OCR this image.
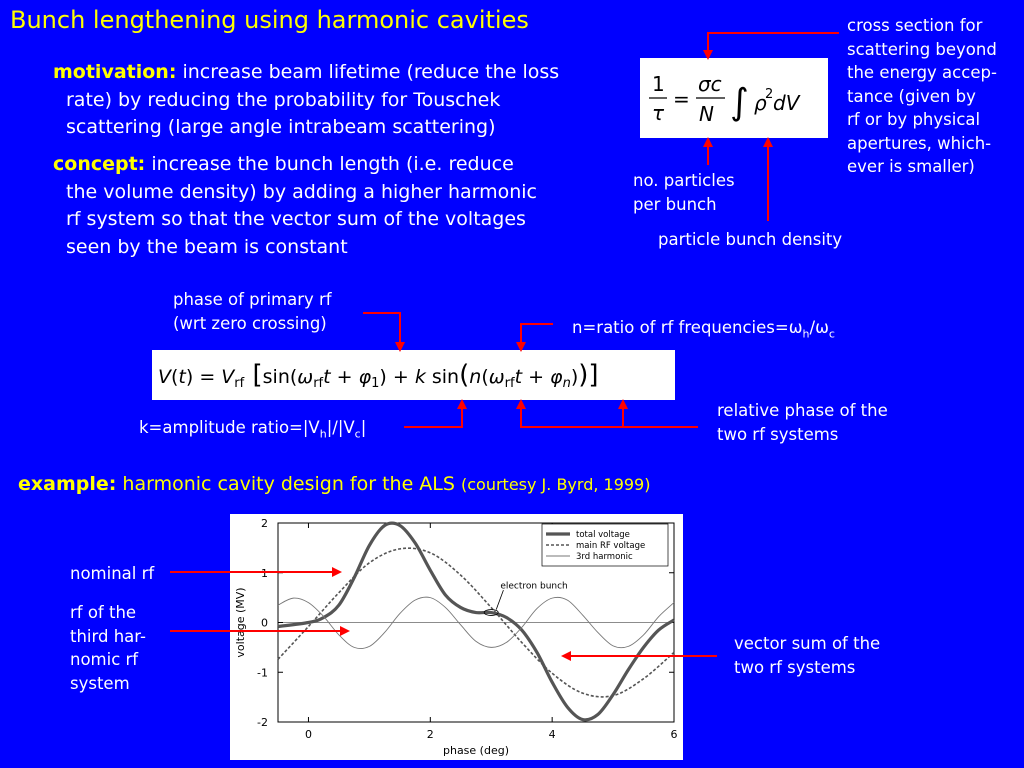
Bunch lengthening using harmonic cavities
motivation: increase beam lifetime (reduce the loss
rate) by reducing the probability for Touschek
scattering (large angle intrabeam scattering)
concept: increase the bunch length (i.e. reduce
the volume density) by adding a higher harmonic
rf system so that the vector sum of the voltages
seen by the beam is constant
1
τ
=
σc
N ∫ ρ
2 dV
cross section for
scattering beyond
the energy accep-
tance (given by
rf or by physical
apertures, which-
ever is smaller)
no. particles
per bunch
particle bunch density
$V(t) = V_{rf}$ [$\sin(\omega_{rf}t + \varphi_1) + k$ $\sin(n(\omega_{rf}t + \varphi_n))$]
phase of primary rf
(wrt zero crossing)	n=ratio of rf $frequencies=\omega_h/\omega_c$
k=amplitude $ratio=|V_h|/|V_c|$
relative phase of the
two rf systems
example: harmonic cavity design for the ALS (courtesy J. Byrd, 1999)
nominal rf
rf of the
third har-
nomic rf
system
vector sum of the
two rf systems
2
1
0
-1
-2
0	2	4	6
phase (deg)
voltage (MV)
electron bunch
total voltage
main RF voltage
3rd harmonic
